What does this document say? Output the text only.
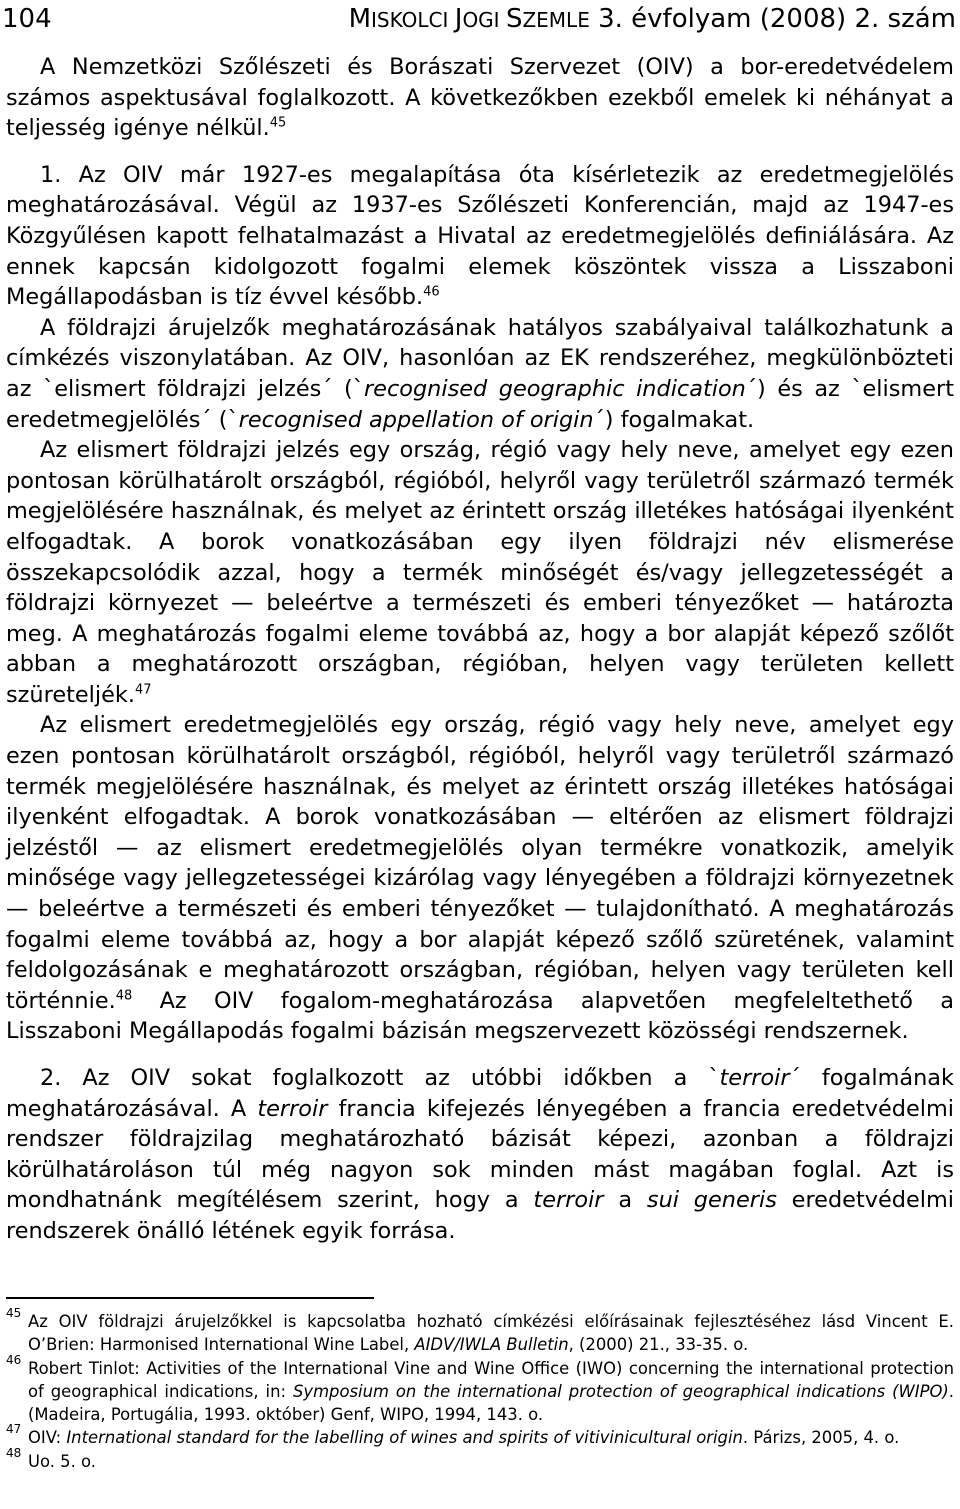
104	MISKOLCI JOGI SZEMLE 3. évfolyam (2008) 2. szám

A Nemzetközi Szőlészeti és Borászati Szervezet (OIV) a bor-eredetvédelem számos aspektusával foglalkozott. A következőkben ezekből emelek ki néhányat a teljesség igénye nélkül.$^{45}$

1. Az OIV már 1927-es megalapítása óta kísérletezik az eredetmegjelölés meghatározásával. Végül az 1937-es Szőlészeti Konferencián, majd az 1947-es Közgyűlésen kapott felhatalmazást a Hivatal az eredetmegjelölés definiálására. Az ennek kapcsán kidolgozott fogalmi elemek köszöntek vissza a Lisszaboni Megállapodásban is tíz évvel később.$^{46}$

A földrajzi árujelzők meghatározásának hatályos szabályaival találkozhatunk a címkézés viszonylatában. Az OIV, hasonlóan az EK rendszeréhez, megkülönbözteti az `elismert földrajzi jelzés´ (`recognised geographic indication´) és az `elismert eredetmegjelölés´ (`recognised appellation of origin´) fogalmakat.

Az elismert földrajzi jelzés egy ország, régió vagy hely neve, amelyet egy ezen pontosan körülhatárolt országból, régióból, helyről vagy területről származó termék megjelölésére használnak, és melyet az érintett ország illetékes hatóságai ilyenként elfogadtak. A borok vonatkozásában egy ilyen földrajzi név elismerése összekapcsolódik azzal, hogy a termék minőségét és/vagy jellegzetességét a földrajzi környezet — beleértve a természeti és emberi tényezőket — határozta meg. A meghatározás fogalmi eleme továbbá az, hogy a bor alapját képező szőlőt abban a meghatározott országban, régióban, helyen vagy területen kellett szüreteljék.$^{47}$

Az elismert eredetmegjelölés egy ország, régió vagy hely neve, amelyet egy ezen pontosan körülhatárolt országból, régióból, helyről vagy területről származó termék megjelölésére használnak, és melyet az érintett ország illetékes hatóságai ilyenként elfogadtak. A borok vonatkozásában — eltérően az elismert földrajzi jelzéstől — az elismert eredetmegjelölés olyan termékre vonatkozik, amelyik minősége vagy jellegzetességei kizárólag vagy lényegében a földrajzi környezetnek — beleértve a természeti és emberi tényezőket — tulajdonítható. A meghatározás fogalmi eleme továbbá az, hogy a bor alapját képező szőlő szüretének, valamint feldolgozásának e meghatározott országban, régióban, helyen vagy területen kell történnie.$^{48}$ Az OIV fogalom-meghatározása alapvetően megfeleltethető a Lisszaboni Megállapodás fogalmi bázisán megszervezett közösségi rendszernek.

2. Az OIV sokat foglalkozott az utóbbi időkben a `terroir´ fogalmának meghatározásával. A terroir francia kifejezés lényegében a francia eredetvédelmi rendszer földrajzilag meghatározható bázisát képezi, azonban a földrajzi körülhatároláson túl még nagyon sok minden mást magában foglal. Azt is mondhatnánk megítélésem szerint, hogy a terroir a sui generis eredetvédelmi rendszerek önálló létének egyik forrása.

45 Az OIV földrajzi árujelzőkkel is kapcsolatba hozható címkézési előírásainak fejlesztéséhez lásd Vincent E. O’Brien: Harmonised International Wine Label, AIDV/IWLA Bulletin, (2000) 21., 33-35. o.

46 Robert Tinlot: Activities of the International Vine and Wine Office (IWO) concerning the international protection of geographical indications, in: Symposium on the international protection of geographical indications (WIPO). (Madeira, Portugália, 1993. október) Genf, WIPO, 1994, 143. o.

47 OIV: International standard for the labelling of wines and spirits of vitivinicultural origin. Párizs, 2005, 4. o.

48 Uo. 5. o.
